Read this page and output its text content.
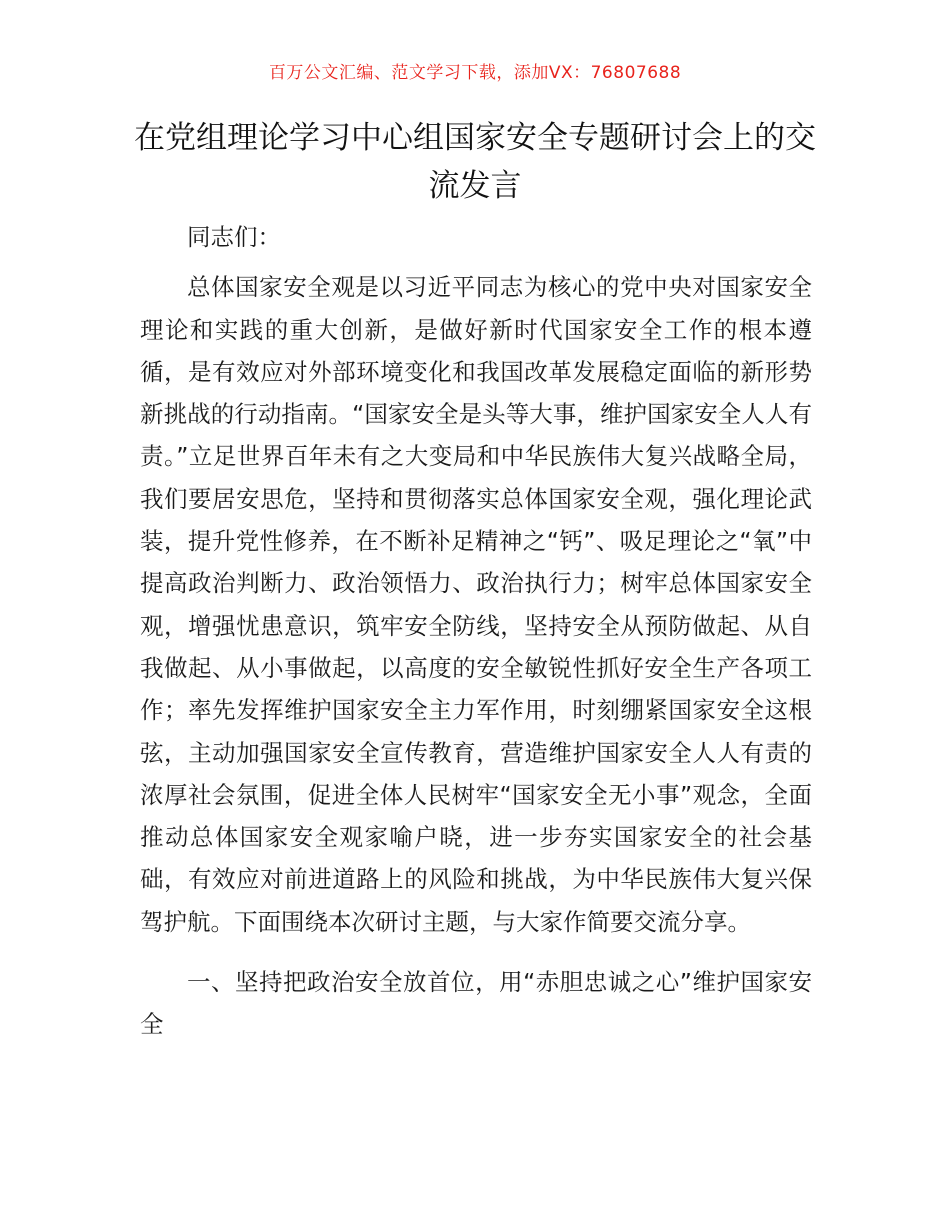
百万公文汇编、范文学习下载，添加VX：76807688
在党组理论学习中心组国家安全专题研讨会上的交流发言

同志们：

总体国家安全观是以习近平同志为核心的党中央对国家安全理论和实践的重大创新，是做好新时代国家安全工作的根本遵循，是有效应对外部环境变化和我国改革发展稳定面临的新形势新挑战的行动指南。“国家安全是头等大事，维护国家安全人人有责。”立足世界百年未有之大变局和中华民族伟大复兴战略全局，我们要居安思危，坚持和贯彻落实总体国家安全观，强化理论武装，提升党性修养，在不断补足精神之“钙”、吸足理论之“氧”中提高政治判断力、政治领悟力、政治执行力；树牢总体国家安全观，增强忧患意识，筑牢安全防线，坚持安全从预防做起、从自我做起、从小事做起，以高度的安全敏锐性抓好安全生产各项工作；率先发挥维护国家安全主力军作用，时刻绷紧国家安全这根弦，主动加强国家安全宣传教育，营造维护国家安全人人有责的浓厚社会氛围，促进全体人民树牢“国家安全无小事”观念，全面推动总体国家安全观家喻户晓，进一步夯实国家安全的社会基础，有效应对前进道路上的风险和挑战，为中华民族伟大复兴保驾护航。下面围绕本次研讨主题，与大家作简要交流分享。

一、坚持把政治安全放首位，用“赤胆忠诚之心”维护国家安全
